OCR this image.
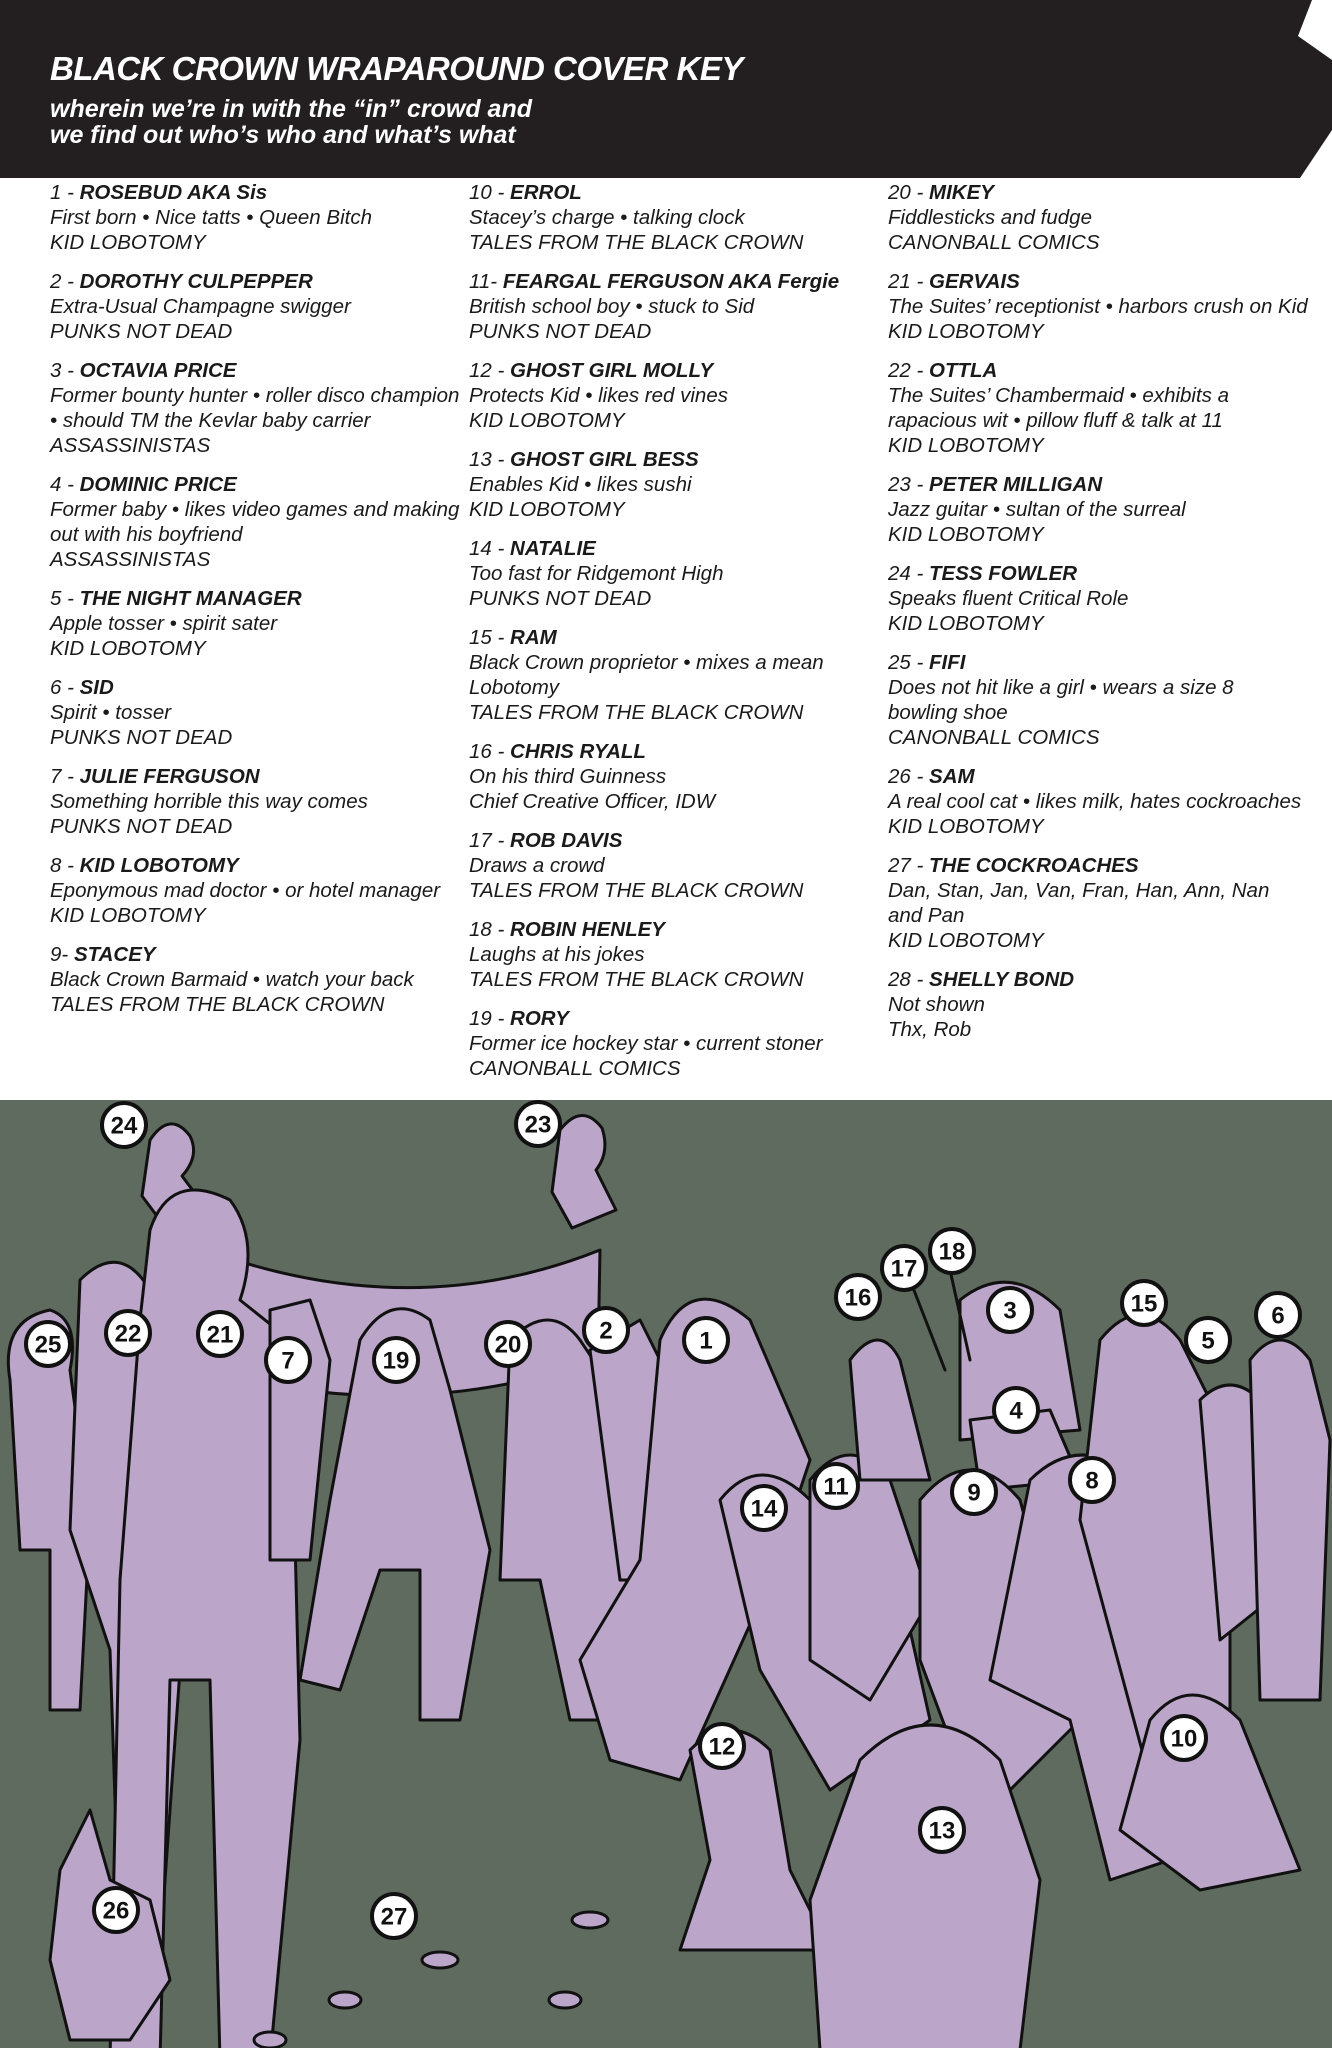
BLACK CROWN WRAPAROUND COVER KEY
wherein we’re in with the “in” crowd and
we find out who’s who and what’s what
1 - ROSEBUD AKA Sis
First born • Nice tatts • Queen Bitch
KID LOBOTOMY
2 - DOROTHY CULPEPPER
Extra-Usual Champagne swigger
PUNKS NOT DEAD
3 - OCTAVIA PRICE
Former bounty hunter • roller disco champion • should TM the Kevlar baby carrier
ASSASSINISTAS
4 - DOMINIC PRICE
Former baby • likes video games and making out with his boyfriend
ASSASSINISTAS
5 - THE NIGHT MANAGER
Apple tosser • spirit sater
KID LOBOTOMY
6 - SID
Spirit • tosser
PUNKS NOT DEAD
7 - JULIE FERGUSON
Something horrible this way comes
PUNKS NOT DEAD
8 - KID LOBOTOMY
Eponymous mad doctor • or hotel manager
KID LOBOTOMY
9- STACEY
Black Crown Barmaid • watch your back
TALES FROM THE BLACK CROWN
10 - ERROL
Stacey’s charge • talking clock
TALES FROM THE BLACK CROWN
11- FEARGAL FERGUSON AKA Fergie
British school boy • stuck to Sid
PUNKS NOT DEAD
12 - GHOST GIRL MOLLY
Protects Kid • likes red vines
KID LOBOTOMY
13 - GHOST GIRL BESS
Enables Kid • likes sushi
KID LOBOTOMY
14 - NATALIE
Too fast for Ridgemont High
PUNKS NOT DEAD
15 - RAM
Black Crown proprietor • mixes a mean Lobotomy
TALES FROM THE BLACK CROWN
16 - CHRIS RYALL
On his third Guinness
Chief Creative Officer, IDW
17 - ROB DAVIS
Draws a crowd
TALES FROM THE BLACK CROWN
18 - ROBIN HENLEY
Laughs at his jokes
TALES FROM THE BLACK CROWN
19 - RORY
Former ice hockey star • current stoner
CANONBALL COMICS
20 - MIKEY
Fiddlesticks and fudge
CANONBALL COMICS
21 - GERVAIS
The Suites’ receptionist • harbors crush on Kid
KID LOBOTOMY
22 - OTTLA
The Suites’ Chambermaid • exhibits a rapacious wit • pillow fluff & talk at 11
KID LOBOTOMY
23 - PETER MILLIGAN
Jazz guitar • sultan of the surreal
KID LOBOTOMY
24 - TESS FOWLER
Speaks fluent Critical Role
KID LOBOTOMY
25 - FIFI
Does not hit like a girl • wears a size 8 bowling shoe
CANONBALL COMICS
26 - SAM
A real cool cat • likes milk, hates cockroaches
KID LOBOTOMY
27 - THE COCKROACHES
Dan, Stan, Jan, Van, Fran, Han, Ann, Nan and Pan
KID LOBOTOMY
28 - SHELLY BOND
Not shown
Thx, Rob
1
2
3
4
5
6
7
8
9
10
11
12
13
14
15
16
17
18
19
20
21
22
23
24
25
26	27
